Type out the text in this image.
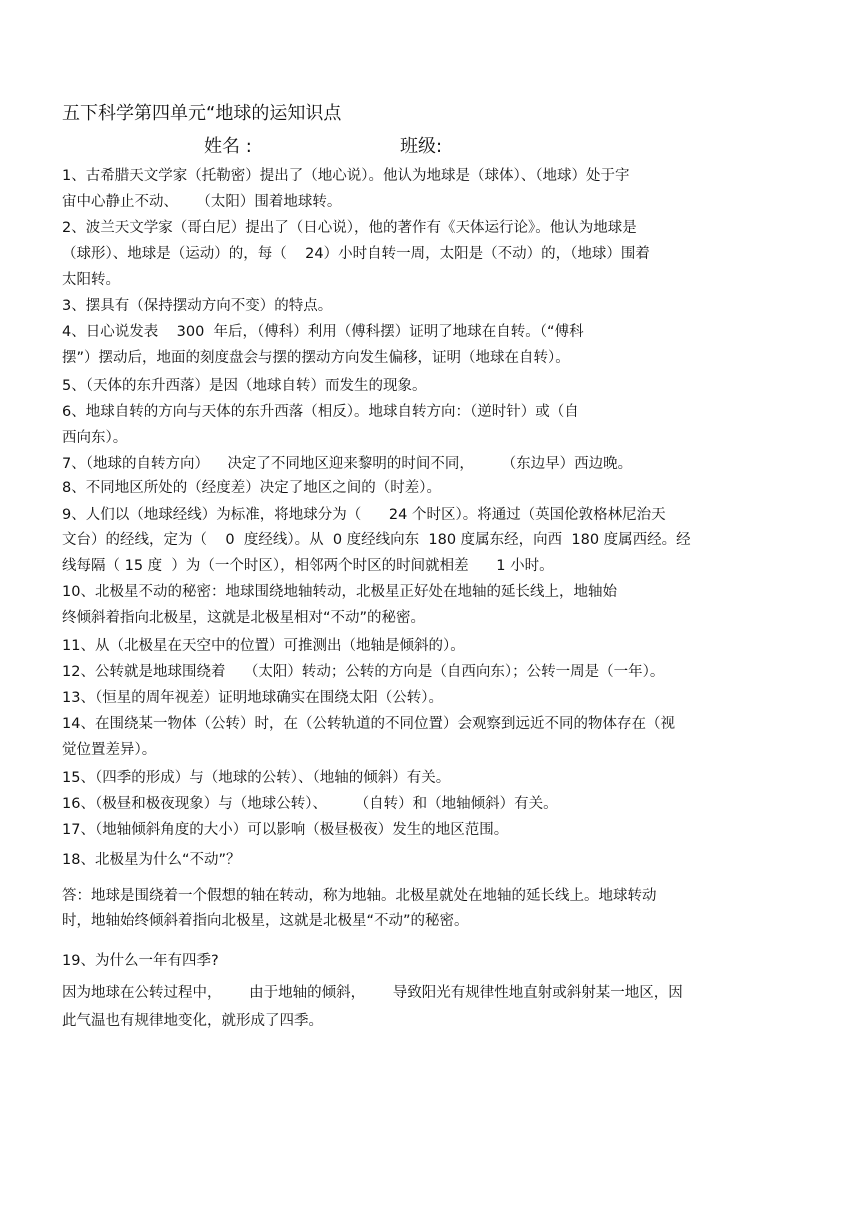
五下科学第四单元“地球的运知识点
姓名 :	班级:
1、古希腊天文学家（托勒密）提出了（地心说）。他认为地球是（球体）、（地球）处于宇
宙中心静止不动、    （太阳）围着地球转。
2、波兰天文学家（哥白尼）提出了（日心说），他的著作有《天体运行论》。他认为地球是
（球形）、地球是（运动）的，每（    24）小时自转一周，太阳是（不动）的，（地球）围着
太阳转。
3、摆具有（保持摆动方向不变）的特点。
4、日心说发表    300  年后，（傅科）利用（傅科摆）证明了地球在自转。（“傅科
摆”）摆动后，地面的刻度盘会与摆的摆动方向发生偏移，证明（地球在自转）。
5、（天体的东升西落）是因（地球自转）而发生的现象。
6、地球自转的方向与天体的东升西落（相反）。地球自转方向：（逆时针）或（自
西向东）。
7、（地球的自转方向）    决定了不同地区迎来黎明的时间不同，      （东边早）西边晚。
8、不同地区所处的（经度差）决定了地区之间的（时差）。
9、人们以（地球经线）为标准，将地球分为（      24 个时区）。将通过（英国伦敦格林尼治天
文台）的经线，定为（    0  度经线）。从  0 度经线向东  180 度属东经，向西  180 度属西经。经
线每隔（ 15 度  ）为（一个时区），相邻两个时区的时间就相差      1 小时。
10、北极星不动的秘密：地球围绕地轴转动，北极星正好处在地轴的延长线上，地轴始
终倾斜着指向北极星，这就是北极星相对“不动”的秘密。
11、从（北极星在天空中的位置）可推测出（地轴是倾斜的）。
12、公转就是地球围绕着    （太阳）转动；公转的方向是（自西向东）；公转一周是（一年）。
13、（恒星的周年视差）证明地球确实在围绕太阳（公转）。
14、在围绕某一物体（公转）时，在（公转轨道的不同位置）会观察到远近不同的物体存在（视
觉位置差异）。
15、（四季的形成）与（地球的公转）、（地轴的倾斜）有关。
16、（极昼和极夜现象）与（地球公转）、      （自转）和（地轴倾斜）有关。
17、（地轴倾斜角度的大小）可以影响（极昼极夜）发生的地区范围。
18、北极星为什么“不动”？
答：地球是围绕着一个假想的轴在转动，称为地轴。北极星就处在地轴的延长线上。地球转动
时，地轴始终倾斜着指向北极星，这就是北极星“不动”的秘密。
19、为什么一年有四季?
因为地球在公转过程中，      由于地轴的倾斜，      导致阳光有规律性地直射或斜射某一地区，因
此气温也有规律地变化，就形成了四季。
